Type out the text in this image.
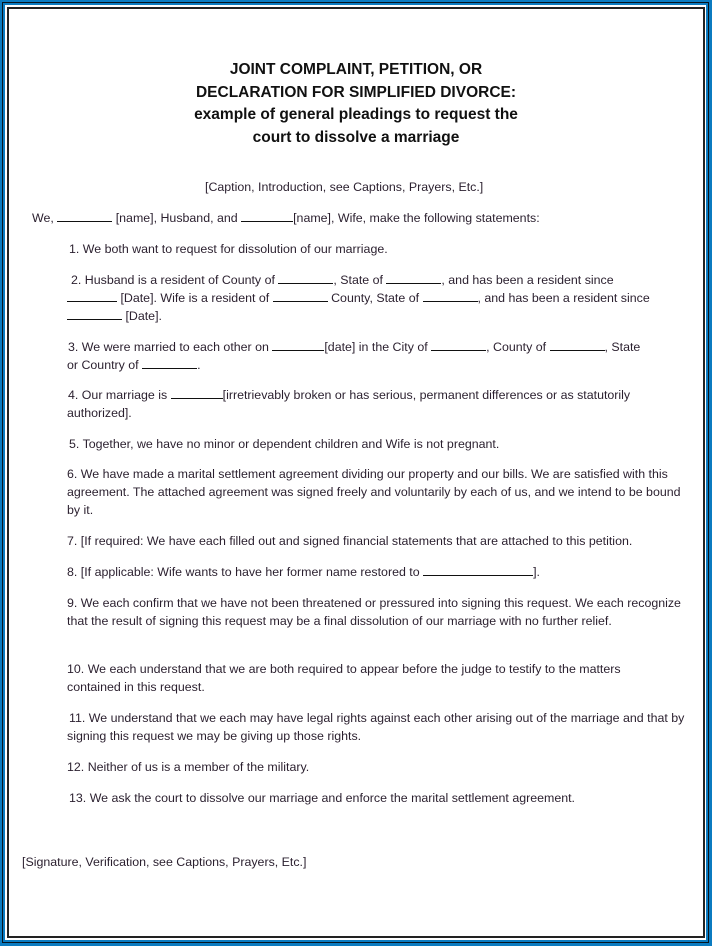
JOINT COMPLAINT, PETITION, OR
DECLARATION FOR SIMPLIFIED DIVORCE:
example of general pleadings to request the
court to dissolve a marriage
[Caption, Introduction, see Captions, Prayers, Etc.]
We,	[name], Husband, and	[name], Wife, make the following statements:
1. We both want to request for dissolution of our marriage.
2. Husband is a resident of County of	, State of	, and has been a resident since
[Date]. Wife is a resident of	County, State of	, and has been a resident since
[Date].
3. We were married to each other on	[date] in the City of	, County of	, State
or Country of	.
4. Our marriage is	[irretrievably broken or has serious, permanent differences or as statutorily
authorized].
5. Together, we have no minor or dependent children and Wife is not pregnant.
6. We have made a marital settlement agreement dividing our property and our bills. We are satisfied with this agreement. The attached agreement was signed freely and voluntarily by each of us, and we intend to be bound by it.
7. [If required: We have each filled out and signed financial statements that are attached to this petition.
8. [If applicable: Wife wants to have her former name restored to	].
9. We each confirm that we have not been threatened or pressured into signing this request. We each recognize that the result of signing this request may be a final dissolution of our marriage with no further relief.
10. We each understand that we are both required to appear before the judge to testify to the matters contained in this request.
11. We understand that we each may have legal rights against each other arising out of the marriage and that by signing this request we may be giving up those rights.
12. Neither of us is a member of the military.
13. We ask the court to dissolve our marriage and enforce the marital settlement agreement.
[Signature, Verification, see Captions, Prayers, Etc.]
